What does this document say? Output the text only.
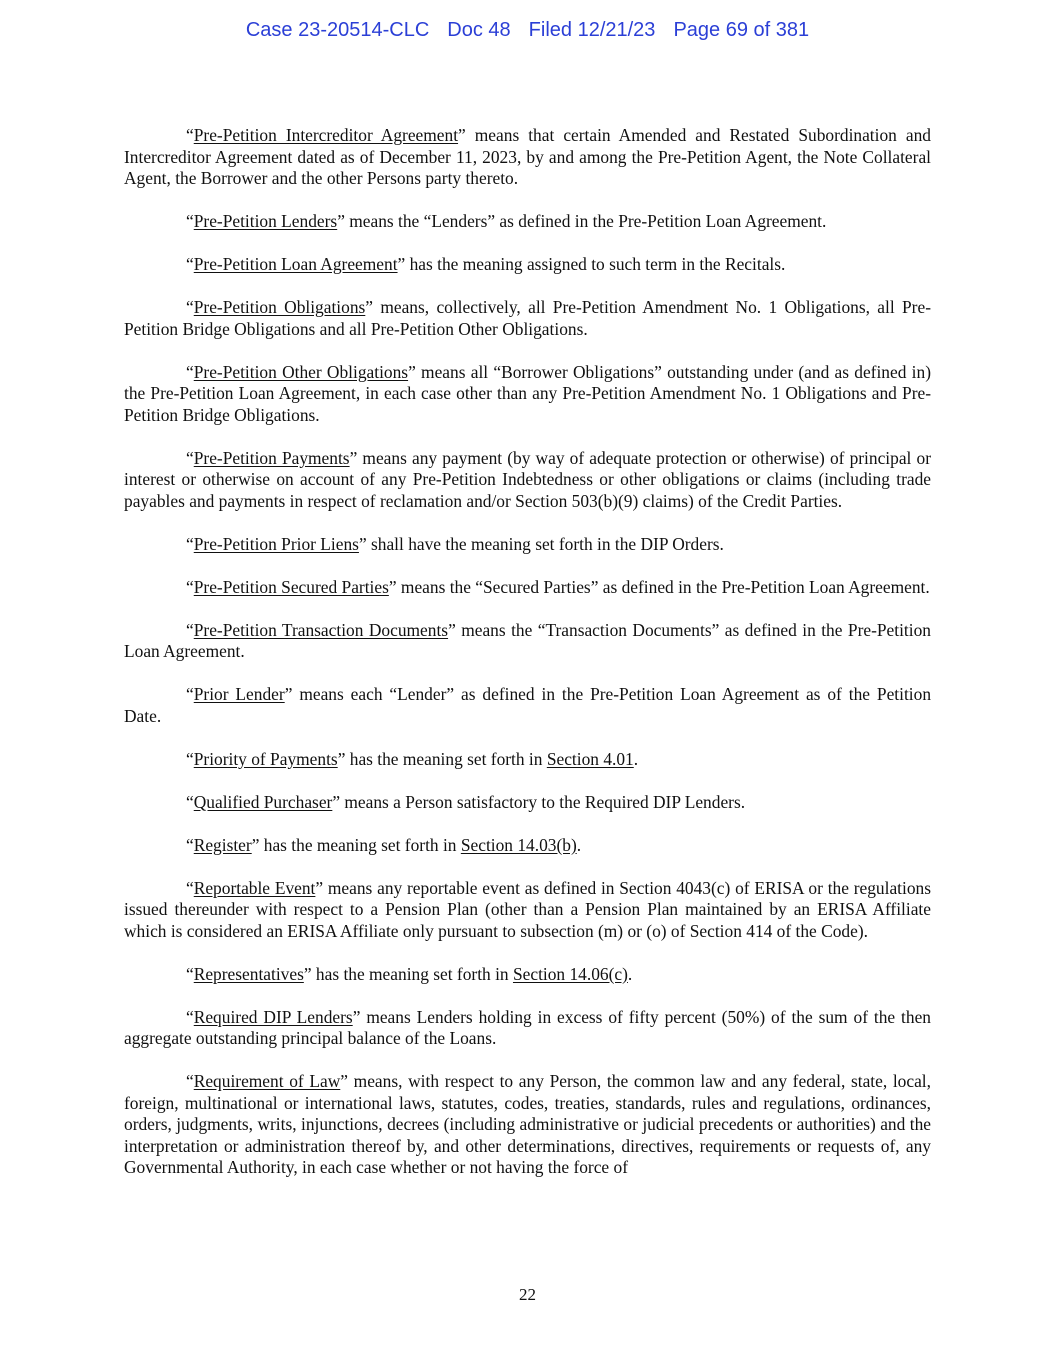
Case 23-20514-CLC Doc 48 Filed 12/21/23 Page 69 of 381

“Pre-Petition Intercreditor Agreement” means that certain Amended and Restated Subordination and Intercreditor Agreement dated as of December 11, 2023, by and among the Pre-Petition Agent, the Note Collateral Agent, the Borrower and the other Persons party thereto.

“Pre-Petition Lenders” means the “Lenders” as defined in the Pre-Petition Loan Agreement.

“Pre-Petition Loan Agreement” has the meaning assigned to such term in the Recitals.

“Pre-Petition Obligations” means, collectively, all Pre-Petition Amendment No. 1 Obligations, all Pre-Petition Bridge Obligations and all Pre-Petition Other Obligations.

“Pre-Petition Other Obligations” means all “Borrower Obligations” outstanding under (and as defined in) the Pre-Petition Loan Agreement, in each case other than any Pre-Petition Amendment No. 1 Obligations and Pre-Petition Bridge Obligations.

“Pre-Petition Payments” means any payment (by way of adequate protection or otherwise) of principal or interest or otherwise on account of any Pre-Petition Indebtedness or other obligations or claims (including trade payables and payments in respect of reclamation and/or Section 503(b)(9) claims) of the Credit Parties.

“Pre-Petition Prior Liens” shall have the meaning set forth in the DIP Orders.

“Pre-Petition Secured Parties” means the “Secured Parties” as defined in the Pre-Petition Loan Agreement.

“Pre-Petition Transaction Documents” means the “Transaction Documents” as defined in the Pre-Petition Loan Agreement.

“Prior Lender” means each “Lender” as defined in the Pre-Petition Loan Agreement as of the Petition Date.

“Priority of Payments” has the meaning set forth in Section 4.01.

“Qualified Purchaser” means a Person satisfactory to the Required DIP Lenders.

“Register” has the meaning set forth in Section 14.03(b).

“Reportable Event” means any reportable event as defined in Section 4043(c) of ERISA or the regulations issued thereunder with respect to a Pension Plan (other than a Pension Plan maintained by an ERISA Affiliate which is considered an ERISA Affiliate only pursuant to subsection (m) or (o) of Section 414 of the Code).

“Representatives” has the meaning set forth in Section 14.06(c).

“Required DIP Lenders” means Lenders holding in excess of fifty percent (50%) of the sum of the then aggregate outstanding principal balance of the Loans.

“Requirement of Law” means, with respect to any Person, the common law and any federal, state, local, foreign, multinational or international laws, statutes, codes, treaties, standards, rules and regulations, ordinances, orders, judgments, writs, injunctions, decrees (including administrative or judicial precedents or authorities) and the interpretation or administration thereof by, and other determinations, directives, requirements or requests of, any Governmental Authority, in each case whether or not having the force of

22
